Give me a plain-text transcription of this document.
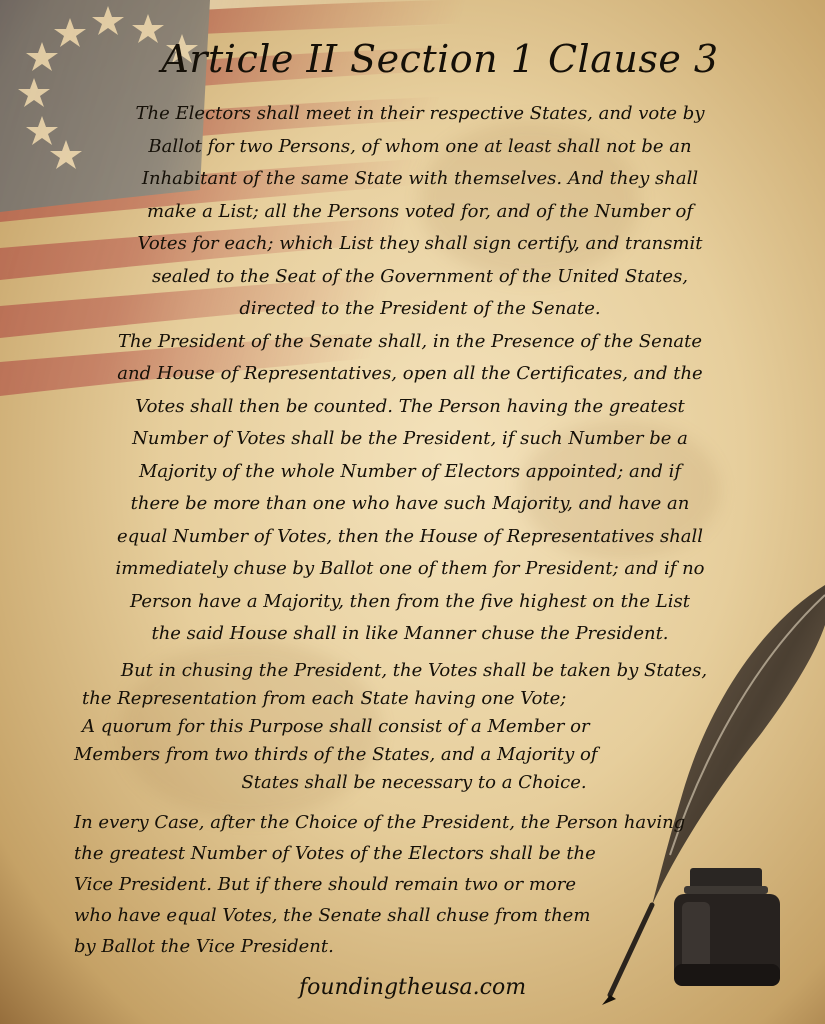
Article II Section 1 Clause 3

The Electors shall meet in their respective States, and vote by
Ballot for two Persons, of whom one at least shall not be an
Inhabitant of the same State with themselves. And they shall
make a List; all the Persons voted for, and of the Number of
Votes for each; which List they shall sign certify, and transmit
sealed to the Seat of the Government of the United States,
directed to the President of the Senate.

The President of the Senate shall, in the Presence of the Senate
and House of Representatives, open all the Certificates, and the
Votes shall then be counted. The Person having the greatest
Number of Votes shall be the President, if such Number be a
Majority of the whole Number of Electors appointed; and if
there be more than one who have such Majority, and have an
equal Number of Votes, then the House of Representatives shall
immediately chuse by Ballot one of them for President; and if no
Person have a Majority, then from the five highest on the List
the said House shall in like Manner chuse the President.

But in chusing the President, the Votes shall be taken by States,
the Representation from each State having one Vote;
A quorum for this Purpose shall consist of a Member or
Members from two thirds of the States, and a Majority of
States shall be necessary to a Choice.

In every Case, after the Choice of the President, the Person having
the greatest Number of Votes of the Electors shall be the
Vice President. But if there should remain two or more
who have equal Votes, the Senate shall chuse from them
by Ballot the Vice President.

foundingtheusa.com
